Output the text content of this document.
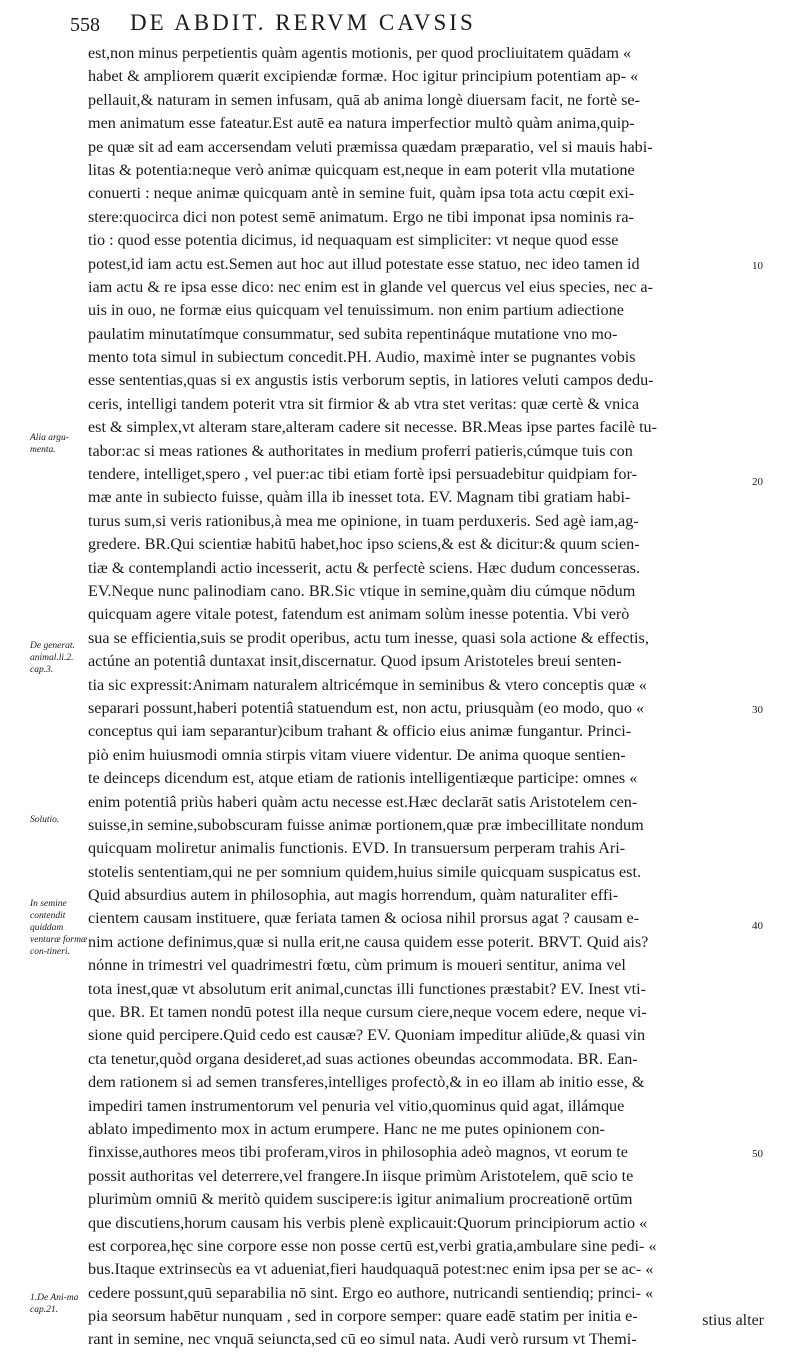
558 DE ABDIT. RERVM CAVSIS
est,non minus perpetientis quàm agentis motionis, per quod procliuitatem quādam «
habet & ampliorem quærit excipiendæ formæ. Hoc igitur principium potentiam ap- «
pellauit,& naturam in semen infusam, quā ab anima longè diuersam facit, ne fortè se-
men animatum esse fateatur.Est autē ea natura imperfectior multò quàm anima,quip-
pe quæ sit ad eam accersendam veluti præmissa quædam præparatio, vel si mauis habi-
litas & potentia:neque verò animæ quicquam est,neque in eam poterit vlla mutatione
conuerti : neque animæ quicquam antè in semine fuit, quàm ipsa tota actu cœpit exi-
stere:quocirca dici non potest semē animatum. Ergo ne tibi imponat ipsa nominis ra-
tio : quod esse potentia dicimus, id nequaquam est simpliciter: vt neque quod esse
potest,id iam actu est.Semen aut hoc aut illud potestate esse statuo, nec ideo tamen id
iam actu & re ipsa esse dico: nec enim est in glande vel quercus vel eius species, nec a-
uis in ouo, ne formæ eius quicquam vel tenuissimum. non enim partium adiectione
paulatim minutatímque consummatur, sed subita repentináque mutatione vno mo-
mento tota simul in subiectum concedit.PH. Audio, maximè inter se pugnantes vobis
esse sententias,quas si ex angustis istis verborum septis, in latiores veluti campos dedu-
ceris, intelligi tandem poterit vtra sit firmior & ab vtra stet veritas: quæ certè & vnica
est & simplex,vt alteram stare,alteram cadere sit necesse. BR.Meas ipse partes facilè tu-
tabor:ac si meas rationes & authoritates in medium proferri patieris,cúmque tuis con
tendere, intelliget,spero , vel puer:ac tibi etiam fortè ipsi persuadebitur quidpiam for-
mæ ante in subiecto fuisse, quàm illa ib inesset tota. EV. Magnam tibi gratiam habi-
turus sum,si veris rationibus,à mea me opinione, in tuam perduxeris. Sed agè iam,ag-
gredere. BR.Qui scientiæ habitū habet,hoc ipso sciens,& est & dicitur:& quum scien-
tiæ & contemplandi actio incesserit, actu & perfectè sciens. Hæc dudum concesseras.
EV.Neque nunc palinodiam cano. BR.Sic vtique in semine,quàm diu cúmque nōdum
quicquam agere vitale potest, fatendum est animam solùm inesse potentia. Vbi verò
sua se efficientia,suis se prodit operibus, actu tum inesse, quasi sola actione & effectis,
actúne an potentiâ duntaxat insit,discernatur. Quod ipsum Aristoteles breui senten-
tia sic expressit:Animam naturalem altricémque in seminibus & vtero conceptis quæ «
separari possunt,haberi potentiâ statuendum est, non actu, priusquàm (eo modo, quo «
conceptus qui iam separantur)cibum trahant & officio eius animæ fungantur. Princi-
piò enim huiusmodi omnia stirpis vitam viuere videntur. De anima quoque sentien-
te deinceps dicendum est, atque etiam de rationis intelligentiæque participe: omnes «
enim potentiâ priùs haberi quàm actu necesse est.Hæc declarāt satis Aristotelem cen-
suisse,in semine,subobscuram fuisse animæ portionem,quæ præ imbecillitate nondum
quicquam moliretur animalis functionis. EVD. In transuersum perperam trahis Ari-
stotelis sententiam,qui ne per somnium quidem,huius simile quicquam suspicatus est.
Quid absurdius autem in philosophia, aut magis horrendum, quàm naturaliter effi-
cientem causam instituere, quæ feriata tamen & ociosa nihil prorsus agat ? causam e-
nim actione definimus,quæ si nulla erit,ne causa quidem esse poterit. BRVT. Quid ais?
nónne in trimestri vel quadrimestri fœtu, cùm primum is moueri sentitur, anima vel
tota inest,quæ vt absolutum erit animal,cunctas illi functiones præstabit? EV. Inest vti-
que. BR. Et tamen nondū potest illa neque cursum ciere,neque vocem edere, neque vi-
sione quid percipere.Quid cedo est causæ? EV. Quoniam impeditur aliūde,& quasi vin
cta tenetur,quòd organa desideret,ad suas actiones obeundas accommodata. BR. Ean-
dem rationem si ad semen transferes,intelliges profectò,& in eo illam ab initio esse, &
impediri tamen instrumentorum vel penuria vel vitio,quominus quid agat, illámque
ablato impedimento mox in actum erumpere. Hanc ne me putes opinionem con-
finxisse,authores meos tibi proferam,viros in philosophia adeò magnos, vt eorum te
possit authoritas vel deterrere,vel frangere.In iisque primùm Aristotelem, quē scio te
plurimùm omniū & meritò quidem suscipere:is igitur animalium procreationē ortūm
que discutiens,horum causam his verbis plenè explicauit:Quorum principiorum actio «
est corporea,hęc sine corpore esse non posse certū est,verbi gratia,ambulare sine pedi- «
bus.Itaque extrinsecùs ea vt adueniat,fieri haudquaquā potest:nec enim ipsa per se ac- «
cedere possunt,quū separabilia nō sint. Ergo eo authore, nutricandi sentiendiq; princi- «
pia seorsum habētur nunquam , sed in corpore semper: quare eadē statim per initia e-
rant in semine, nec vnquā seiuncta,sed cū eo simul nata. Audi verò rursum vt Themi-
Alia argu-menta.
De generat. animal.li.2. cap.3.
Solutio.
In semine contendit quiddam venturæ formæ con-tineri.
1.De Ani-ma cap.21.
10
20
30
40
50
stius alter
